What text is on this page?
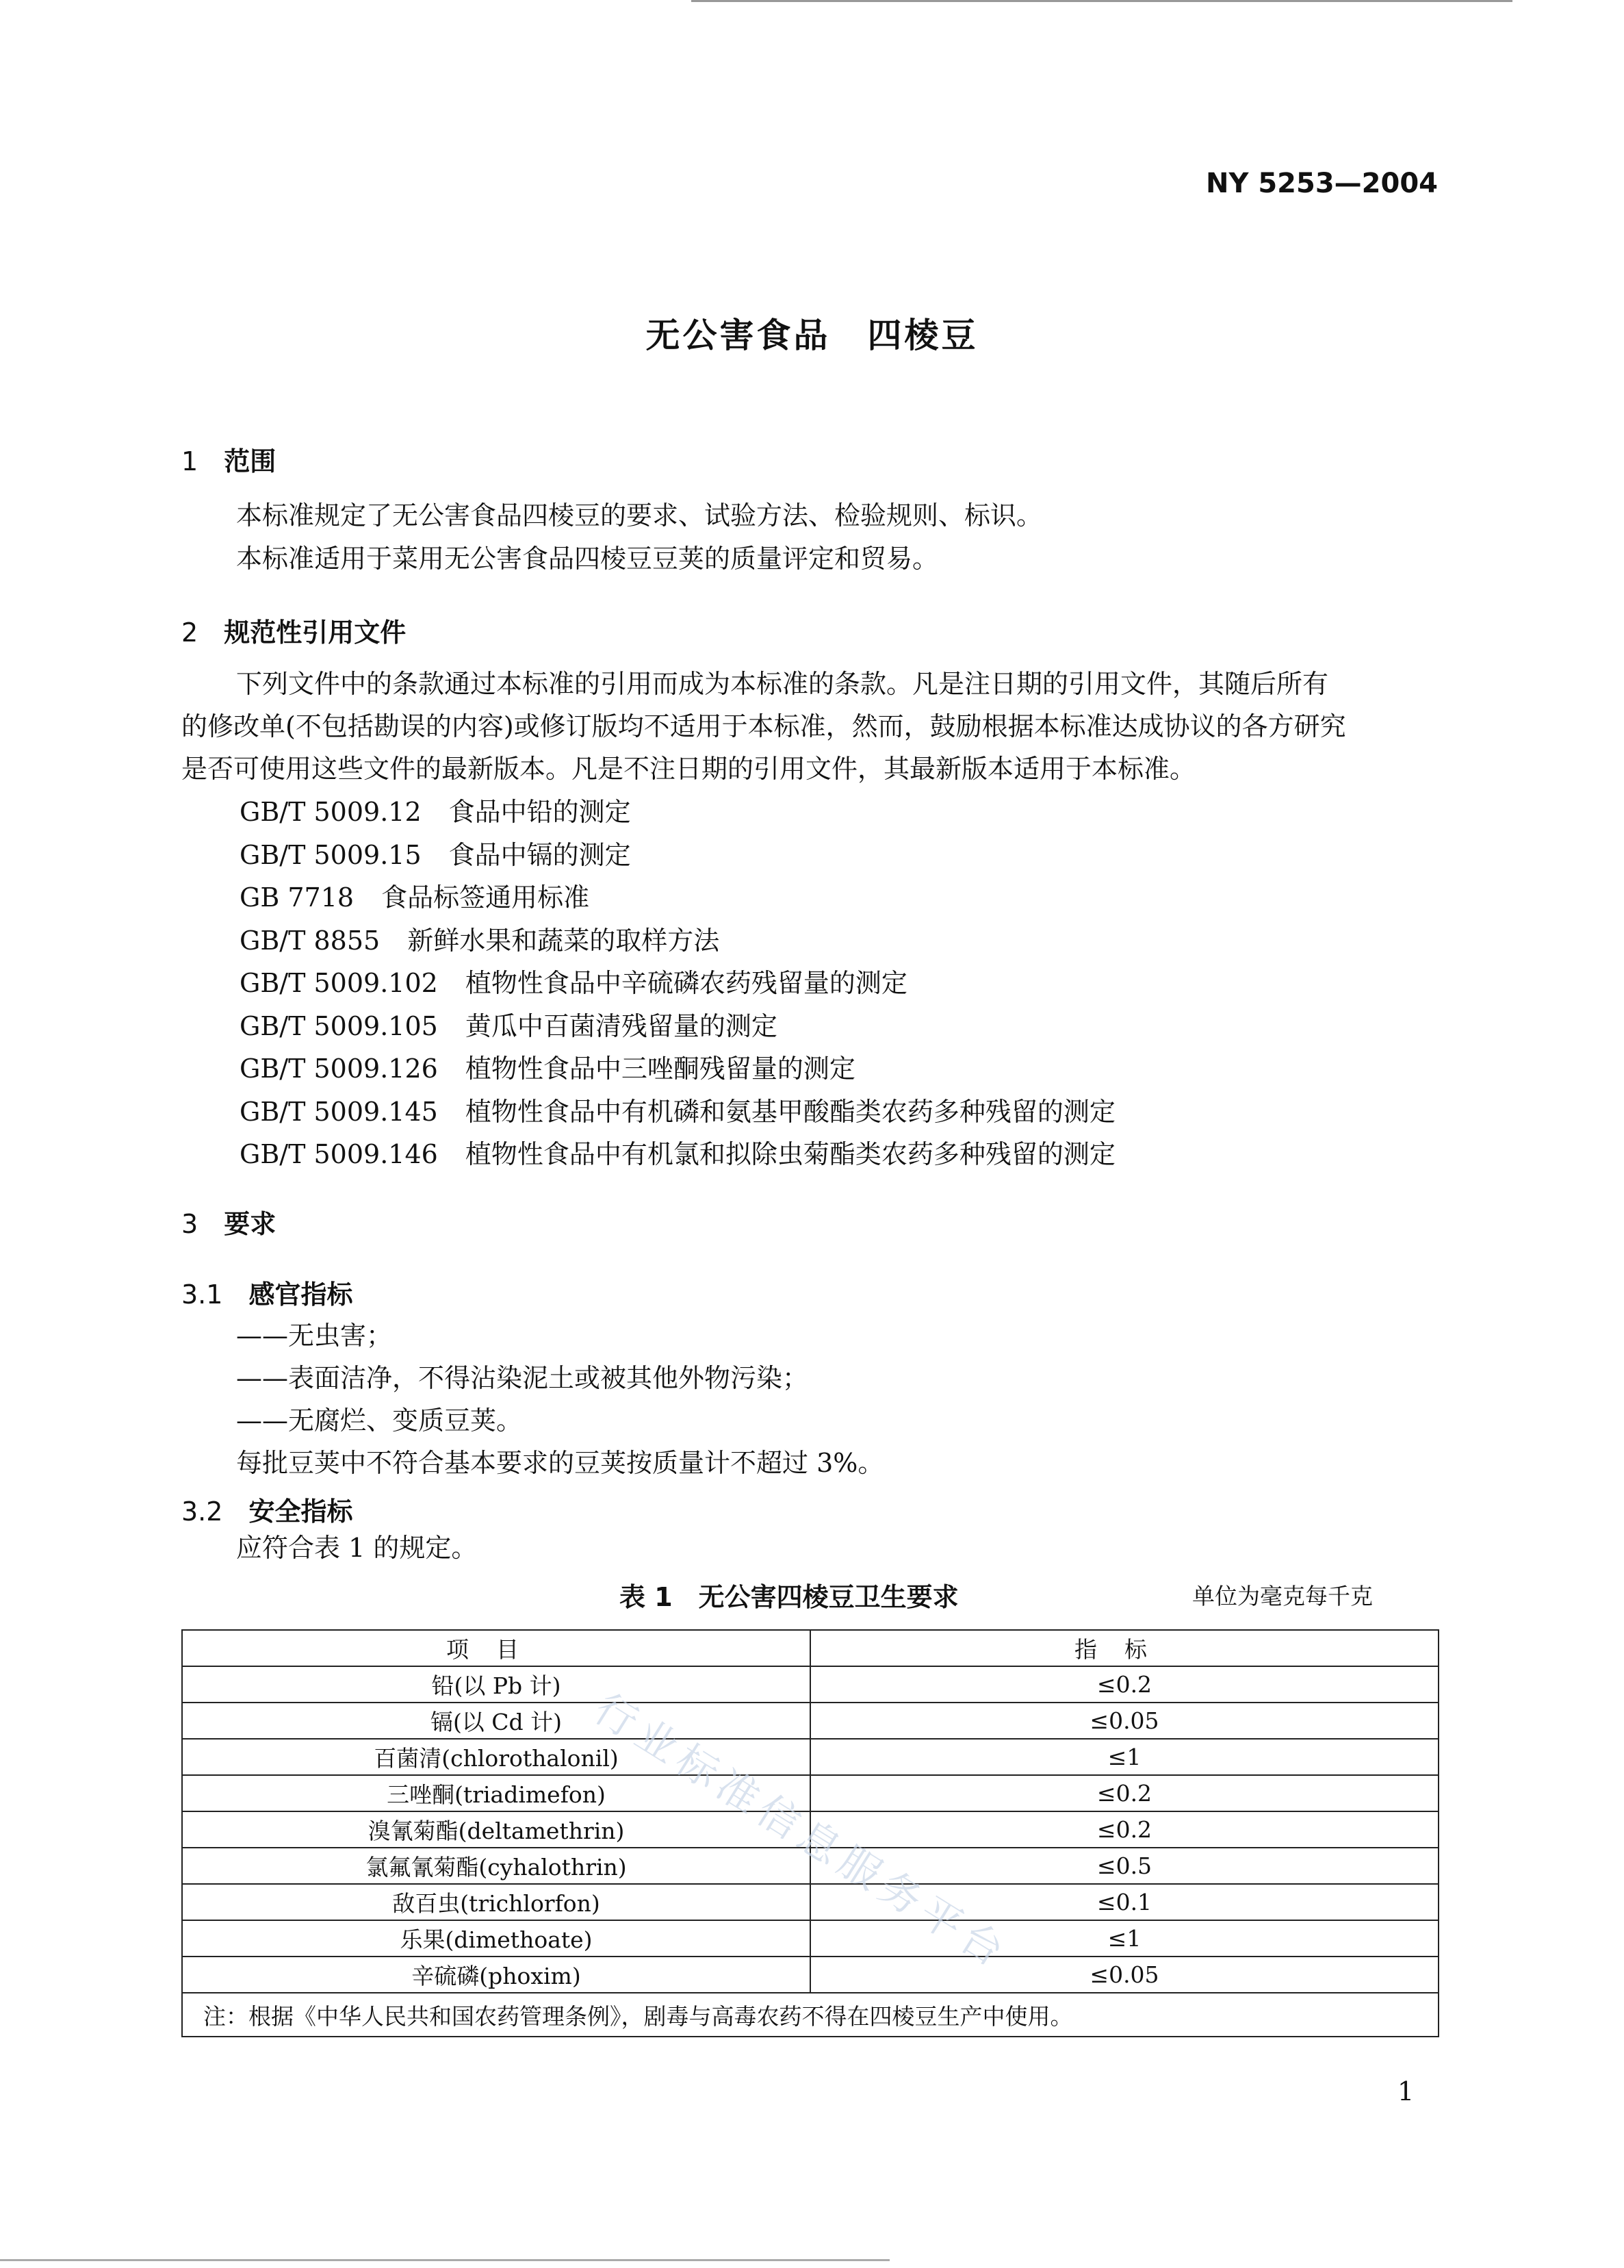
NY 5253—2004
无公害食品　四棱豆
1 范围
本标准规定了无公害食品四棱豆的要求、试验方法、检验规则、标识。
本标准适用于菜用无公害食品四棱豆豆荚的质量评定和贸易。
2 规范性引用文件
下列文件中的条款通过本标准的引用而成为本标准的条款。凡是注日期的引用文件，其随后所有
的修改单(不包括勘误的内容)或修订版均不适用于本标准，然而，鼓励根据本标准达成协议的各方研究
是否可使用这些文件的最新版本。凡是不注日期的引用文件，其最新版本适用于本标准。
GB/T 5009.12 食品中铅的测定
GB/T 5009.15 食品中镉的测定
GB 7718 食品标签通用标准
GB/T 8855 新鲜水果和蔬菜的取样方法
GB/T 5009.102 植物性食品中辛硫磷农药残留量的测定
GB/T 5009.105 黄瓜中百菌清残留量的测定
GB/T 5009.126 植物性食品中三唑酮残留量的测定
GB/T 5009.145 植物性食品中有机磷和氨基甲酸酯类农药多种残留的测定
GB/T 5009.146 植物性食品中有机氯和拟除虫菊酯类农药多种残留的测定
3 要求
3.1 感官指标
——无虫害；
——表面洁净，不得沾染泥土或被其他外物污染；
——无腐烂、变质豆荚。
每批豆荚中不符合基本要求的豆荚按质量计不超过 3%。
3.2 安全指标
应符合表 1 的规定。
表 1　无公害四棱豆卫生要求	单位为毫克每千克
项目	指标
铅(以 Pb 计)	≤0.2
镉(以 Cd 计)	≤0.05
百菌清(chlorothalonil)	≤1
三唑酮(triadimefon)	≤0.2
溴氰菊酯(deltamethrin)	≤0.2
氯氟氰菊酯(cyhalothrin)	≤0.5
敌百虫(trichlorfon)	≤0.1
乐果(dimethoate)	≤1
辛硫磷(phoxim)	≤0.05
注：根据《中华人民共和国农药管理条例》，剧毒与高毒农药不得在四棱豆生产中使用。	
行业标准信息服务平台
1
